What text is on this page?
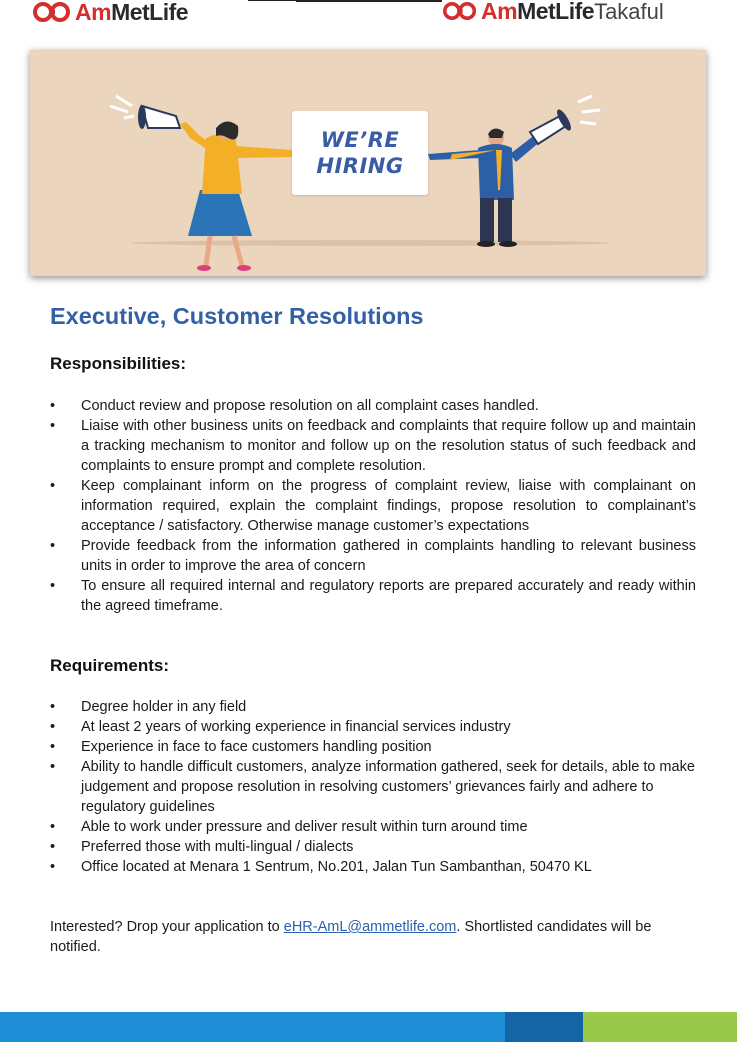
AmMetLife	AmMetLifeTakaful
WE’RE
HIRING
Executive, Customer Resolutions
Responsibilities:
• Conduct review and propose resolution on all complaint cases handled.
• Liaise with other business units on feedback and complaints that require follow up and maintain a tracking mechanism to monitor and follow up on the resolution status of such feedback and complaints to ensure prompt and complete resolution.
• Keep complainant inform on the progress of complaint review, liaise with complainant on information required, explain the complaint findings, propose resolution to complainant’s acceptance / satisfactory. Otherwise manage customer’s expectations
• Provide feedback from the information gathered in complaints handling to relevant business units in order to improve the area of concern
• To ensure all required internal and regulatory reports are prepared accurately and ready within the agreed timeframe.
Requirements:
• Degree holder in any field
• At least 2 years of working experience in financial services industry
• Experience in face to face customers handling position
• Ability to handle difficult customers, analyze information gathered, seek for details, able to make judgement and propose resolution in resolving customers’ grievances fairly and adhere to regulatory guidelines
• Able to work under pressure and deliver result within turn around time
• Preferred those with multi-lingual / dialects
• Office located at Menara 1 Sentrum, No.201, Jalan Tun Sambanthan, 50470 KL

Interested? Drop your application to eHR-AmL@ammetlife.com. Shortlisted candidates will be notified.
